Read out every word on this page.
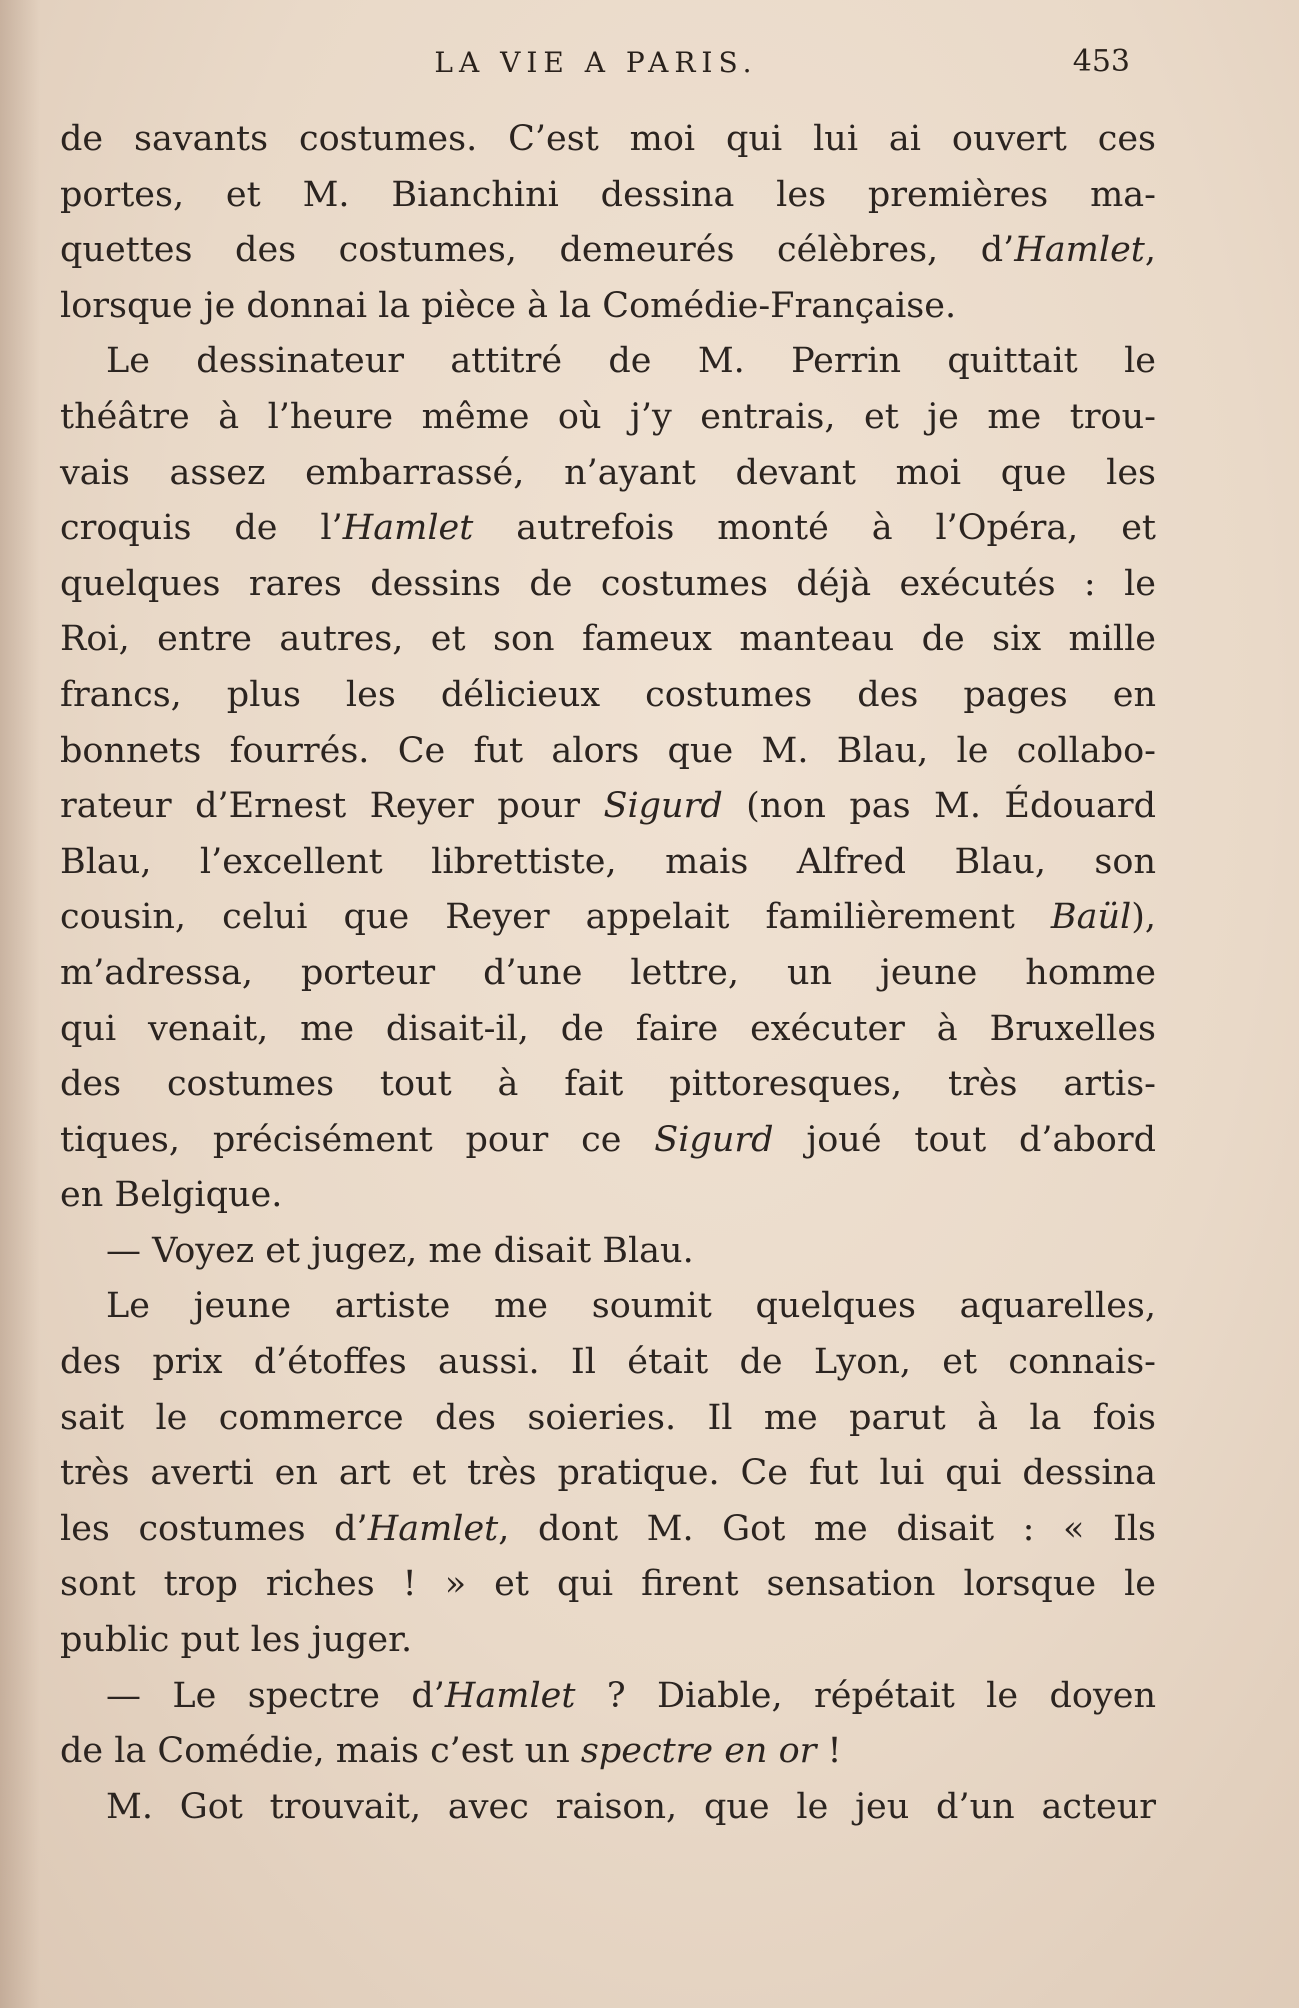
LA VIE A PARIS.	453

de savants costumes. C’est moi qui lui ai ouvert ces

portes, et M. Bianchini dessina les premières ma-

quettes des costumes, demeurés célèbres, d’Hamlet,

lorsque je donnai la pièce à la Comédie-Française.

Le dessinateur attitré de M. Perrin quittait le

théâtre à l’heure même où j’y entrais, et je me trou-

vais assez embarrassé, n’ayant devant moi que les

croquis de l’Hamlet autrefois monté à l’Opéra, et

quelques rares dessins de costumes déjà exécutés : le

Roi, entre autres, et son fameux manteau de six mille

francs, plus les délicieux costumes des pages en

bonnets fourrés. Ce fut alors que M. Blau, le collabo-

rateur d’Ernest Reyer pour Sigurd (non pas M. Édouard

Blau, l’excellent librettiste, mais Alfred Blau, son

cousin, celui que Reyer appelait familièrement Baül),

m’adressa, porteur d’une lettre, un jeune homme

qui venait, me disait-il, de faire exécuter à Bruxelles

des costumes tout à fait pittoresques, très artis-

tiques, précisément pour ce Sigurd joué tout d’abord

en Belgique.

— Voyez et jugez, me disait Blau.

Le jeune artiste me soumit quelques aquarelles,

des prix d’étoffes aussi. Il était de Lyon, et connais-

sait le commerce des soieries. Il me parut à la fois

très averti en art et très pratique. Ce fut lui qui dessina

les costumes d’Hamlet, dont M. Got me disait : « Ils

sont trop riches ! » et qui firent sensation lorsque le

public put les juger.

— Le spectre d’Hamlet ? Diable, répétait le doyen

de la Comédie, mais c’est un spectre en or !

M. Got trouvait, avec raison, que le jeu d’un acteur
